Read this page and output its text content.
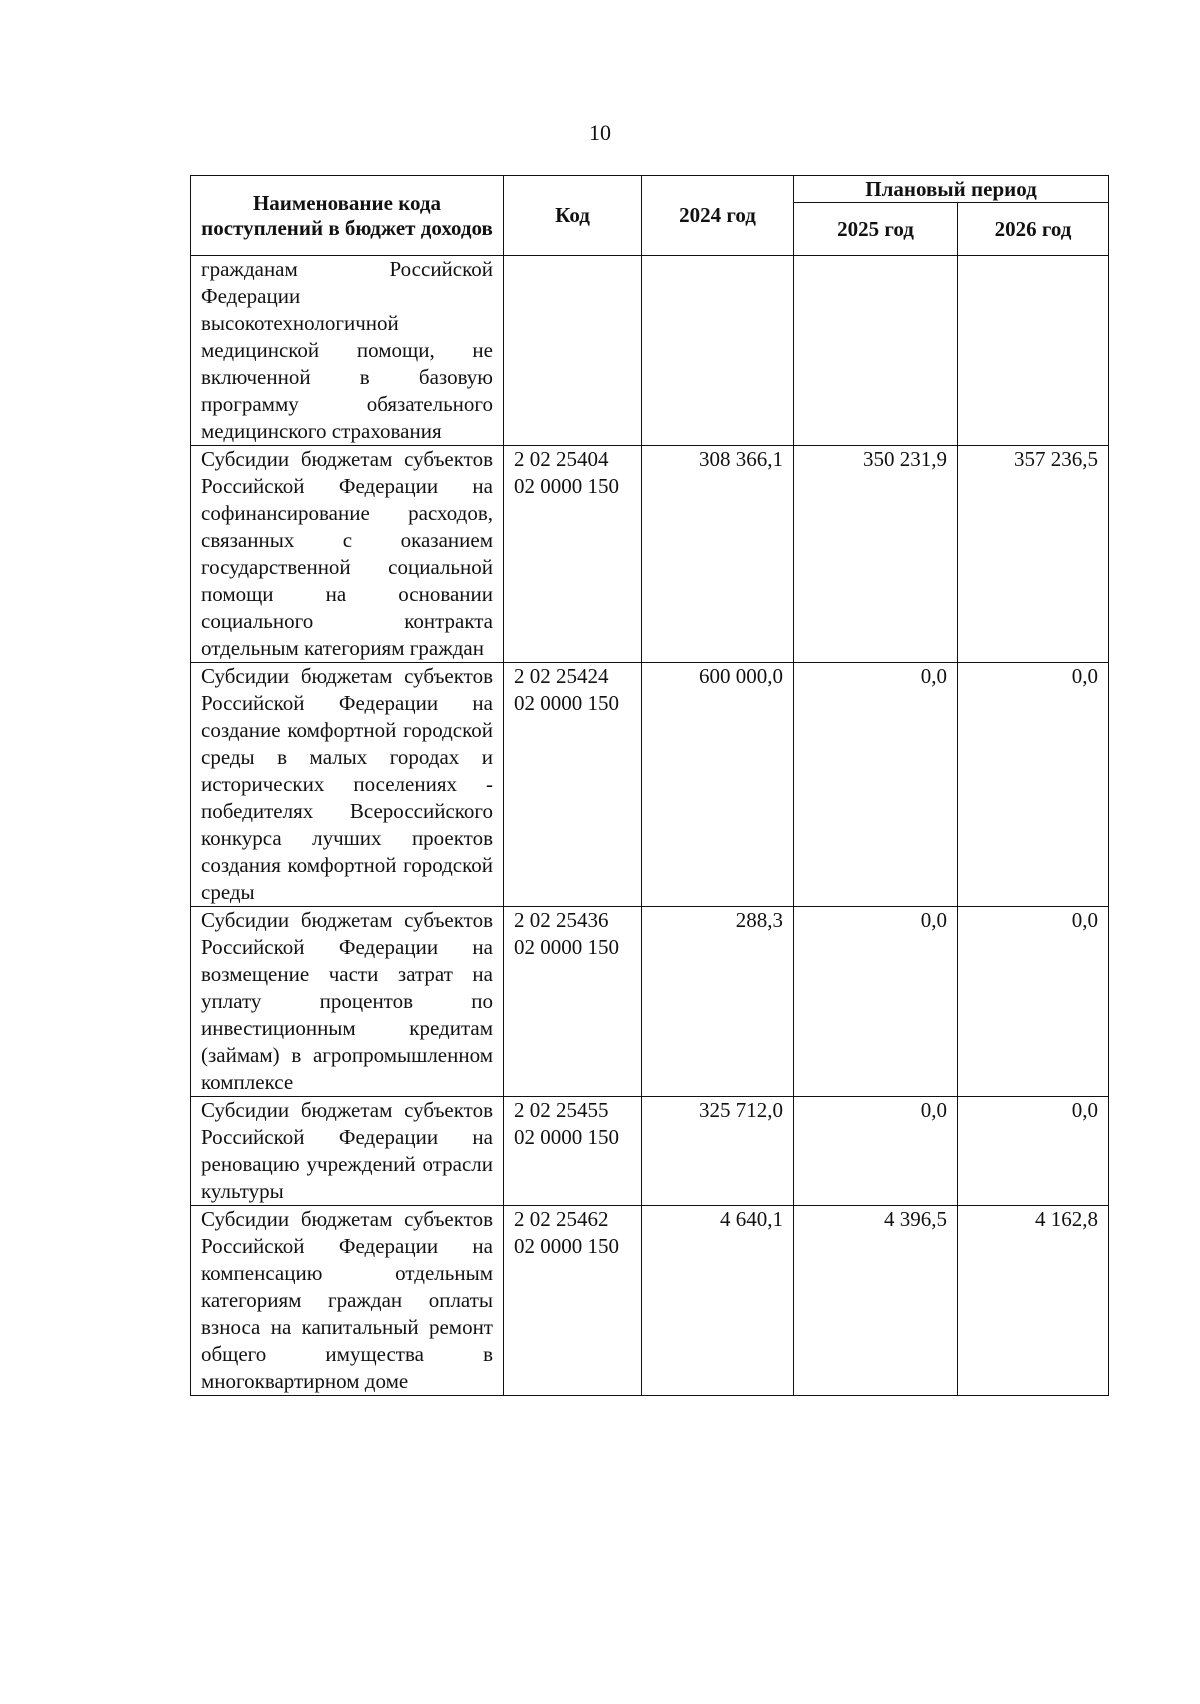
10
Наименование кода поступлений в бюджет доходов	Код	2024 год	Плановый период	
			2025 год	2026 год
гражданам Российской Федерации высокотехнологичной медицинской помощи, не включенной в базовую программу обязательного медицинского страхования				
Субсидии бюджетам субъектов Российской Федерации на софинансирование расходов, связанных с оказанием государственной социальной помощи на основании социального контракта отдельным категориям граждан	2 02 25404 02 0000 150	308 366,1	350 231,9	357 236,5
Субсидии бюджетам субъектов Российской Федерации на создание комфортной городской среды в малых городах и исторических поселениях - победителях Всероссийского конкурса лучших проектов создания комфортной городской среды	2 02 25424 02 0000 150	600 000,0	0,0	0,0
Субсидии бюджетам субъектов Российской Федерации на возмещение части затрат на уплату процентов по инвестиционным кредитам (займам) в агропромышленном комплексе	2 02 25436 02 0000 150	288,3	0,0	0,0
Субсидии бюджетам субъектов Российской Федерации на реновацию учреждений отрасли культуры	2 02 25455 02 0000 150	325 712,0	0,0	0,0
Субсидии бюджетам субъектов Российской Федерации на компенсацию отдельным категориям граждан оплаты взноса на капитальный ремонт общего имущества в многоквартирном доме	2 02 25462 02 0000 150	4 640,1	4 396,5	4 162,8
